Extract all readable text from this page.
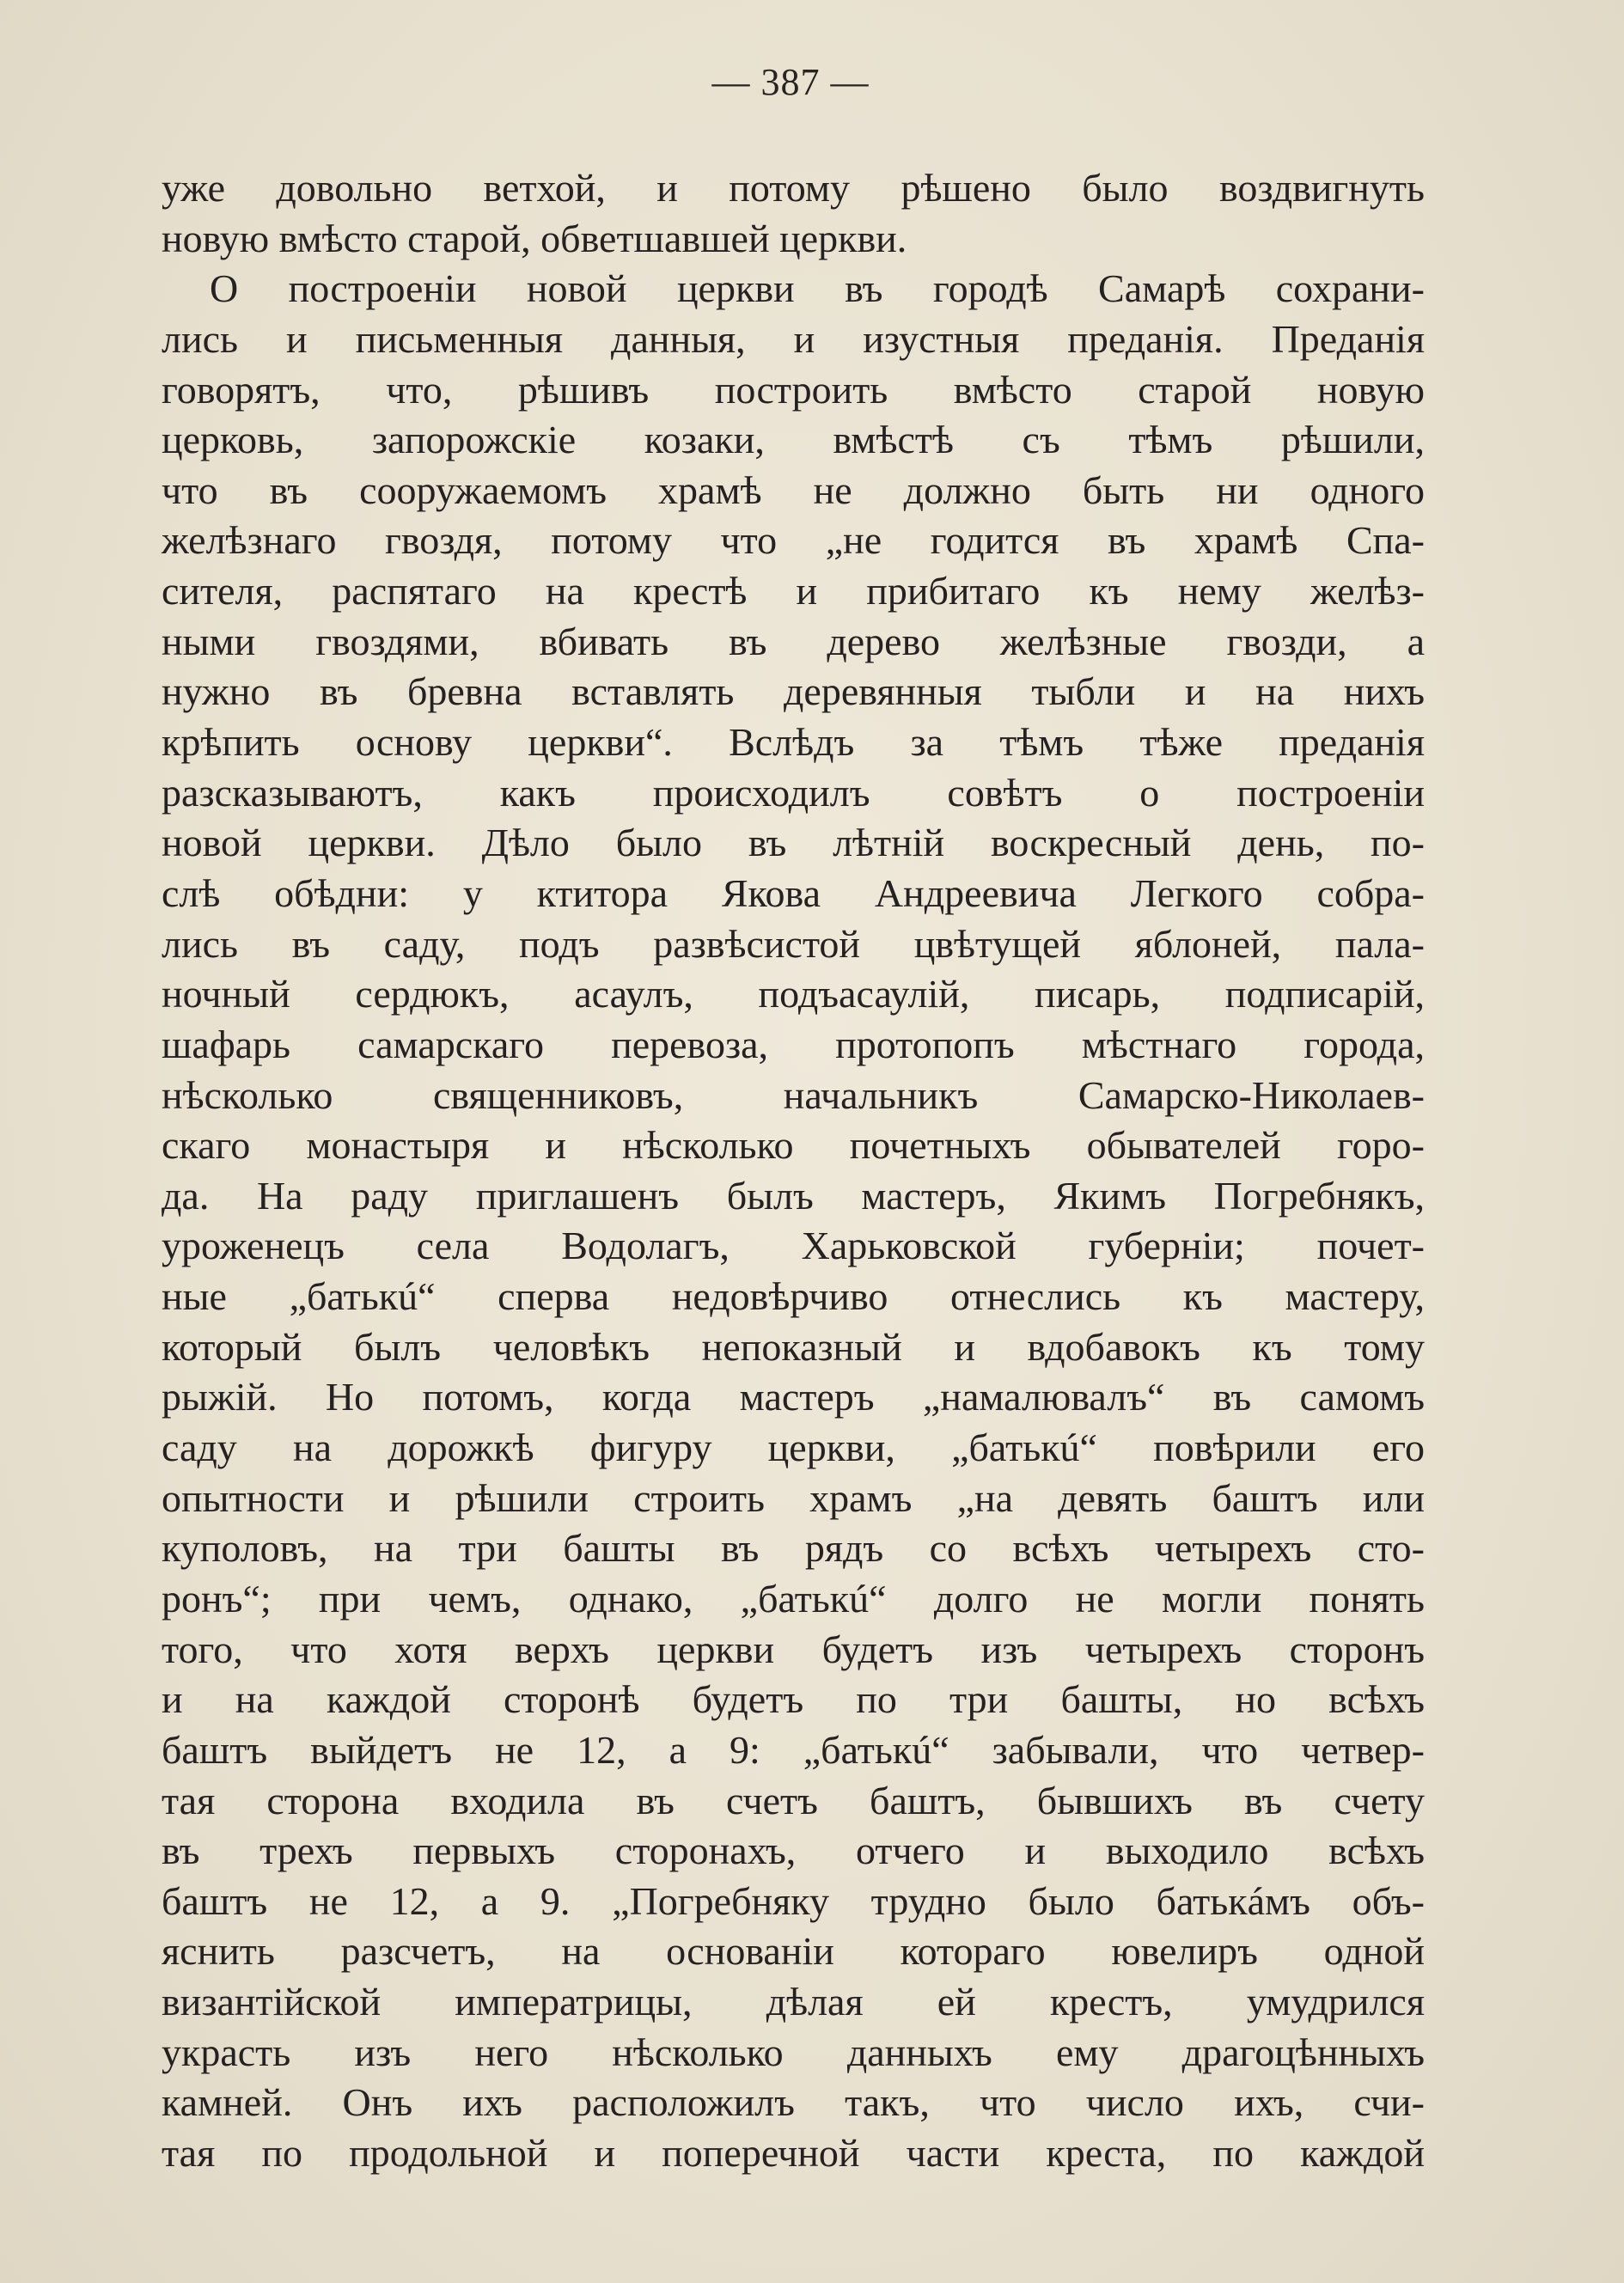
— 387 —
уже довольно ветхой, и потому рѣшено было воздвигнуть
новую вмѣсто старой, обветшавшей церкви.
О построеніи новой церкви въ городѣ Самарѣ сохрани-
лись и письменныя данныя, и изустныя преданія. Преданія
говорятъ, что, рѣшивъ построить вмѣсто старой новую
церковь, запорожскіе козаки, вмѣстѣ съ тѣмъ рѣшили,
что въ сооружаемомъ храмѣ не должно быть ни одного
желѣзнаго гвоздя, потому что „не годится въ храмѣ Спа-
сителя, распятаго на крестѣ и прибитаго къ нему желѣз-
ными гвоздями, вбивать въ дерево желѣзные гвозди, а
нужно въ бревна вставлять деревянныя тыбли и на нихъ
крѣпить основу церкви“. Вслѣдъ за тѣмъ тѣже преданія
разсказываютъ, какъ происходилъ совѣтъ о построеніи
новой церкви. Дѣло было въ лѣтній воскресный день, по-
слѣ обѣдни: у ктитора Якова Андреевича Легкого собра-
лись въ саду, подъ развѣсистой цвѣтущей яблоней, пала-
ночный сердюкъ, асаулъ, подъасаулій, писарь, подписарій,
шафарь самарскаго перевоза, протопопъ мѣстнаго города,
нѣсколько священниковъ, начальникъ Самарско-Николаев-
скаго монастыря и нѣсколько почетныхъ обывателей горо-
да. На раду приглашенъ былъ мастеръ, Якимъ Погребнякъ,
уроженецъ села Водолагъ, Харьковской губерніи; почет-
ные „батькú“ сперва недовѣрчиво отнеслись къ мастеру,
который былъ человѣкъ непоказный и вдобавокъ къ тому
рыжій. Но потомъ, когда мастеръ „намалювалъ“ въ самомъ
саду на дорожкѣ фигуру церкви, „батькú“ повѣрили его
опытности и рѣшили строить храмъ „на девять баштъ или
куполовъ, на три башты въ рядъ со всѣхъ четырехъ сто-
ронъ“; при чемъ, однако, „батькú“ долго не могли понять
того, что хотя верхъ церкви будетъ изъ четырехъ сторонъ
и на каждой сторонѣ будетъ по три башты, но всѣхъ
баштъ выйдетъ не 12, а 9: „батькú“ забывали, что четвер-
тая сторона входила въ счетъ баштъ, бывшихъ въ счету
въ трехъ первыхъ сторонахъ, отчего и выходило всѣхъ
баштъ не 12, а 9. „Погребняку трудно было батькáмъ объ-
яснить разсчетъ, на основаніи котораго ювелиръ одной
византійской императрицы, дѣлая ей крестъ, умудрился
украсть изъ него нѣсколько данныхъ ему драгоцѣнныхъ
камней. Онъ ихъ расположилъ такъ, что число ихъ, счи-
тая по продольной и поперечной части креста, по каждой
